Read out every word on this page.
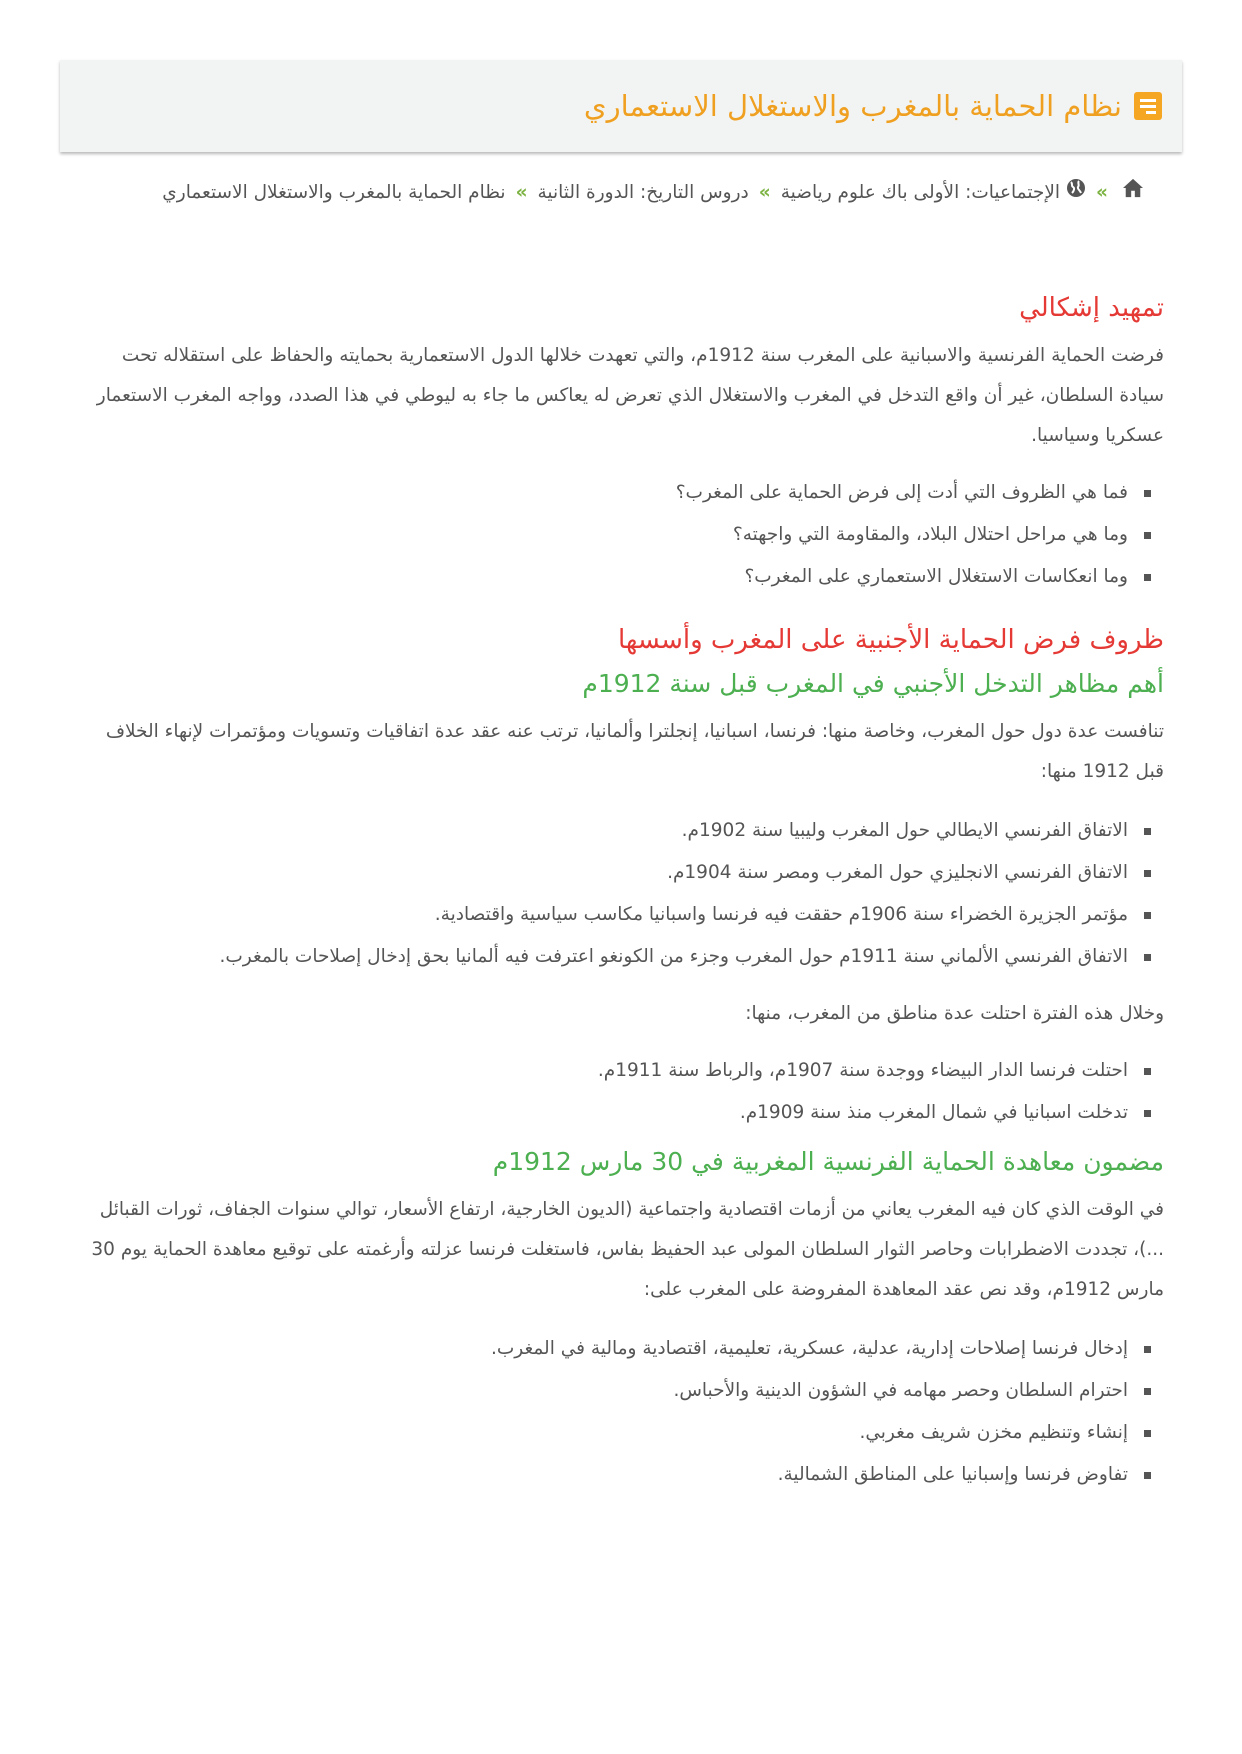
نظام الحماية بالمغرب والاستغلال الاستعماري
»الإجتماعيات: الأولى باك علوم رياضية»دروس التاريخ: الدورة الثانية»نظام الحماية بالمغرب والاستغلال الاستعماري
تمهيد إشكالي

فرضت الحماية الفرنسية والاسبانية على المغرب سنة 1912م، والتي تعهدت خلالها الدول الاستعمارية بحمايته والحفاظ على استقلاله تحت سيادة السلطان، غير أن واقع التدخل في المغرب والاستغلال الذي تعرض له يعاكس ما جاء به ليوطي في هذا الصدد، وواجه المغرب الاستعمار عسكريا وسياسيا.

فما هي الظروف التي أدت إلى فرض الحماية على المغرب؟
وما هي مراحل احتلال البلاد، والمقاومة التي واجهته؟
وما انعكاسات الاستغلال الاستعماري على المغرب؟
ظروف فرض الحماية الأجنبية على المغرب وأسسها
أهم مظاهر التدخل الأجنبي في المغرب قبل سنة 1912م

تنافست عدة دول حول المغرب، وخاصة منها: فرنسا، اسبانيا، إنجلترا وألمانيا، ترتب عنه عقد عدة اتفاقيات وتسويات ومؤتمرات لإنهاء الخلاف قبل 1912 منها:

الاتفاق الفرنسي الايطالي حول المغرب وليبيا سنة 1902م.
الاتفاق الفرنسي الانجليزي حول المغرب ومصر سنة 1904م.
مؤتمر الجزيرة الخضراء سنة 1906م حققت فيه فرنسا واسبانيا مكاسب سياسية واقتصادية.
الاتفاق الفرنسي الألماني سنة 1911م حول المغرب وجزء من الكونغو اعترفت فيه ألمانيا بحق إدخال إصلاحات بالمغرب.

وخلال هذه الفترة احتلت عدة مناطق من المغرب، منها:

احتلت فرنسا الدار البيضاء ووجدة سنة 1907م، والرباط سنة 1911م.
تدخلت اسبانيا في شمال المغرب منذ سنة 1909م.
مضمون معاهدة الحماية الفرنسية المغربية في 30 مارس 1912م

في الوقت الذي كان فيه المغرب يعاني من أزمات اقتصادية واجتماعية (الديون الخارجية، ارتفاع الأسعار، توالي سنوات الجفاف، ثورات القبائل ...)، تجددت الاضطرابات وحاصر الثوار السلطان المولى عبد الحفيظ بفاس، فاستغلت فرنسا عزلته وأرغمته على توقيع معاهدة الحماية يوم 30 مارس 1912م، وقد نص عقد المعاهدة المفروضة على المغرب على:

إدخال فرنسا إصلاحات إدارية، عدلية، عسكرية، تعليمية، اقتصادية ومالية في المغرب.
احترام السلطان وحصر مهامه في الشؤون الدينية والأحباس.
إنشاء وتنظيم مخزن شريف مغربي.
تفاوض فرنسا وإسبانيا على المناطق الشمالية.
